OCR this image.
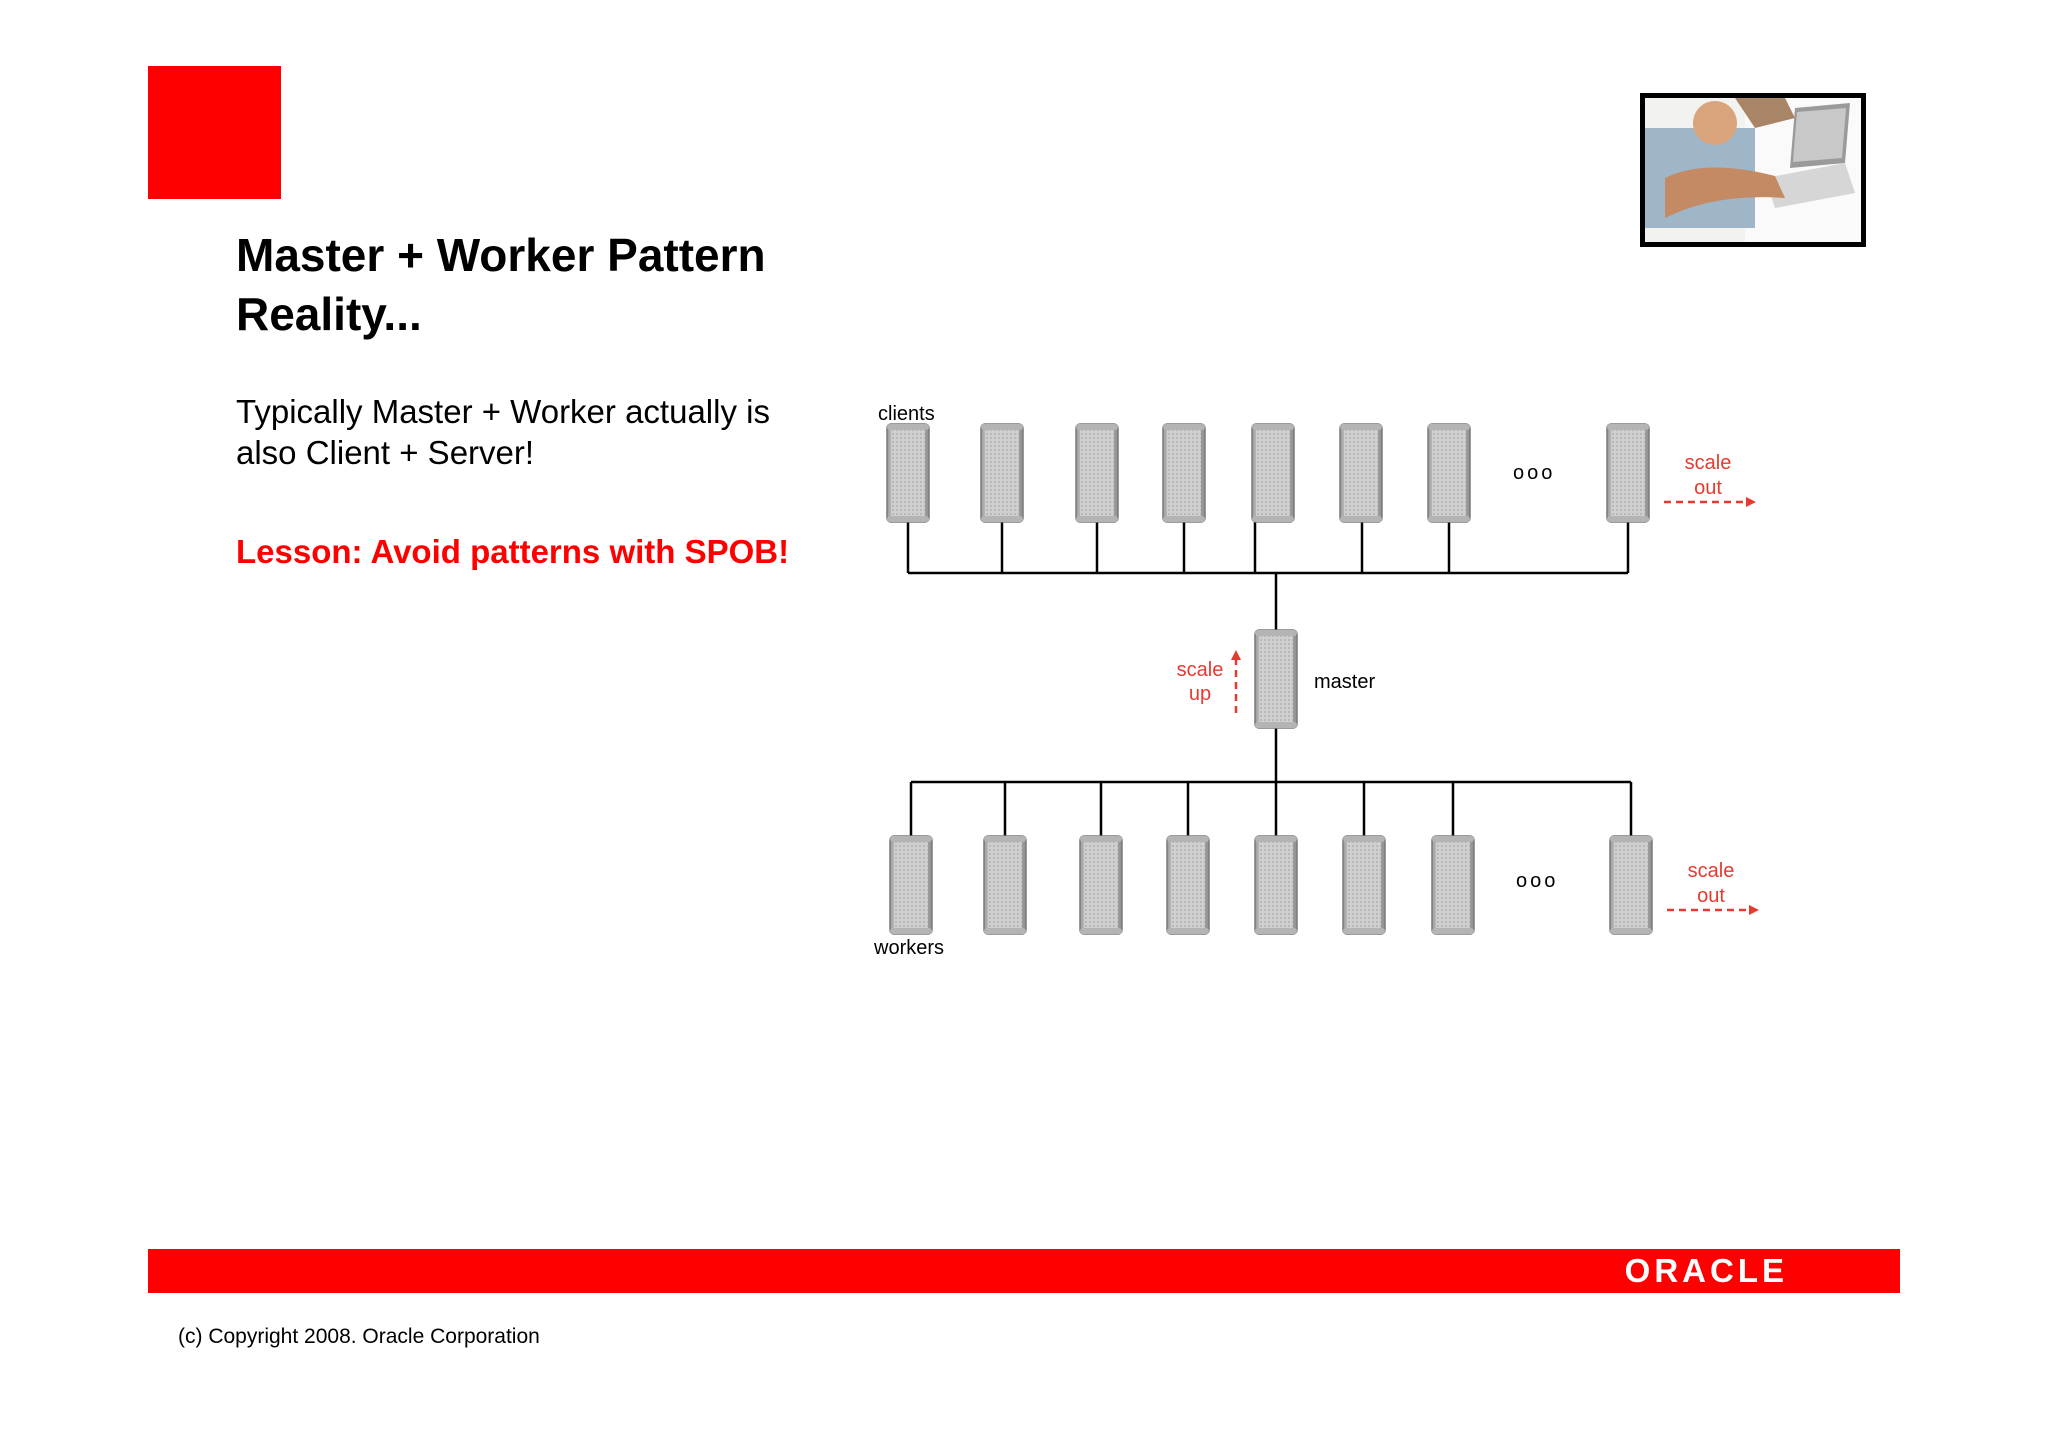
Master + Worker Pattern
Reality...
Typically Master + Worker actually is
also Client + Server!
Lesson: Avoid patterns with SPOB!
clients
master
workers
ooo
ooo
scale
out
scale
out
scale
up
ORACLE
(c) Copyright 2008. Oracle Corporation
